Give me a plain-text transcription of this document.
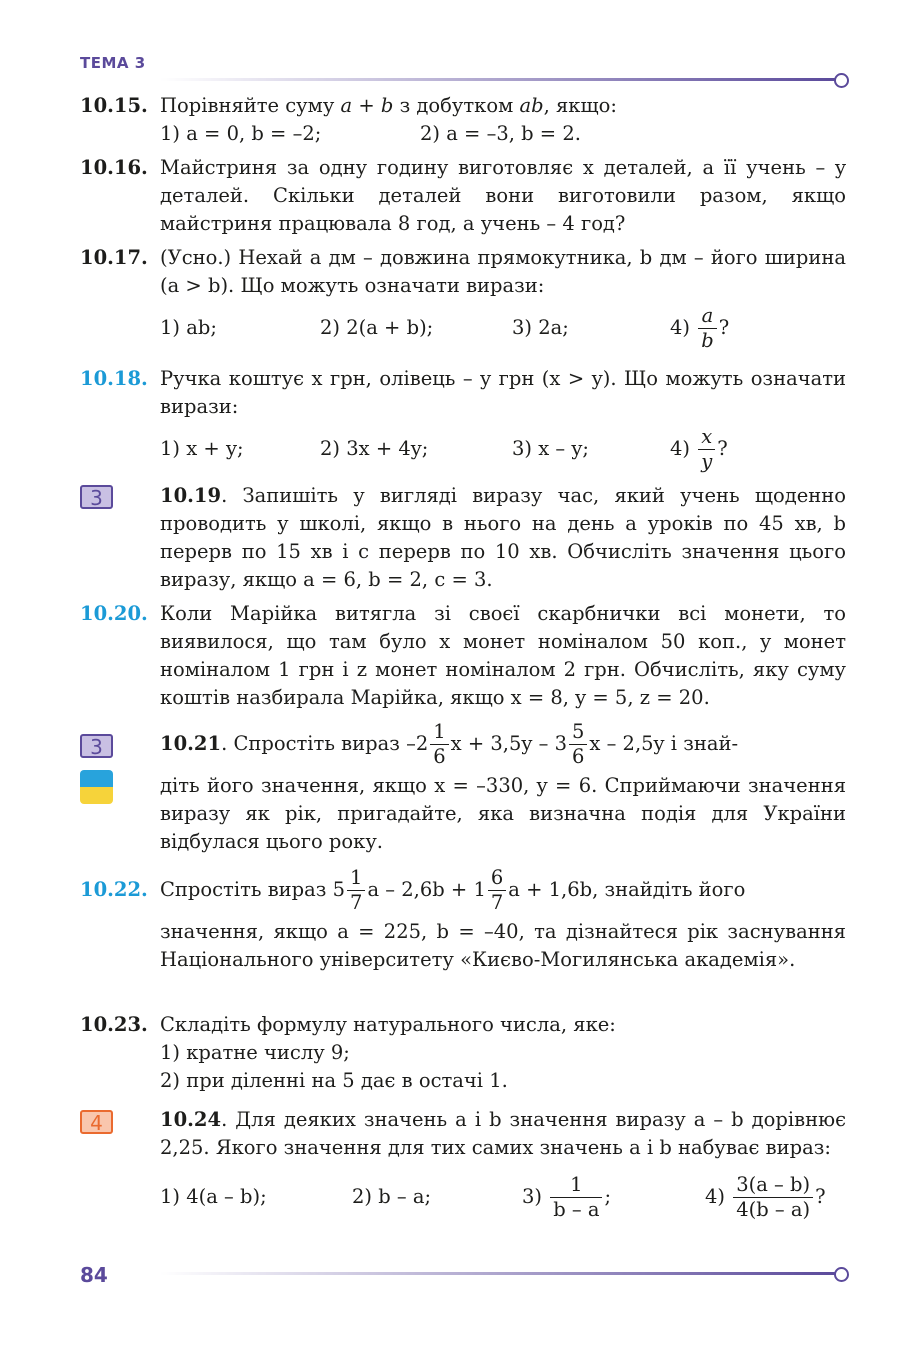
ТЕМА 3
10.15. Порівняйте суму a + b з добутком ab, якщо:

1) a = 0, b = –2;	2) a = –3, b = 2.

10.16. Майстриня за одну годину виготовляє x деталей, а її учень – y деталей. Скільки деталей вони виготовили разом, якщо майстриня працювала 8 год, а учень – 4 год?

10.17. (Усно.) Нехай a дм – довжина прямокутника, b дм – його ширина (a > b). Що можуть означати вирази:

1) ab;	2) 2(a + b);	3) 2a;	4)
$\frac{a}{b}$ ?
10.18. Ручка коштує x грн, олівець – y грн (x > y). Що можуть означати вирази:

1) x + y;	2) 3x + 4y;	3) x – y;	4)
$\frac{x}{y}$ ?
3	10.19. Запишіть у вигляді виразу час, який учень щоденно проводить у школі, якщо в нього на день a уроків по 45 хв, b перерв по 15 хв і c перерв по 10 хв. Обчисліть значення цього виразу, якщо a = 6, b = 2, c = 3.

10.20. Коли Марійка витягла зі своєї скарбнички всі монети, то виявилося, що там було x монет номіналом 50 коп., y монет номіналом 1 грн і z монет номіналом 2 грн. Обчисліть, яку суму коштів назбирала Марійка, якщо x = 8, y = 5, z = 20.

3	10.21 . Спростіть вираз $-2 \frac{1}{6}$ $x + 3,5y - 3 \frac{5}{6}$ x – 2,5y і знай-

діть його значення, якщо x = –330, y = 6. Сприймаючи значення виразу як рік, пригадайте, яка визначна подія для України відбулася цього року.

10.22. Спростіть вираз $5 \frac{1}{7}$ $a - 2,6b + 1 \frac{6}{7}$ a + 1,6b, знайдіть його

значення, якщо a = 225, b = –40, та дізнайтеся рік заснування Національного університету «Києво-Могилянська академія».

10.23. Складіть формулу натурального числа, яке:

1) кратне числу 9;

2) при діленні на 5 дає в остачі 1.

4	10.24. Для деяких значень a і b значення виразу a – b дорівнює 2,25. Якого значення для тих самих значень a і b набуває вираз:

1) 4(a – b);	2) b – a;	3)
$\frac{1}{b - a}$ ;	4)
$\frac{3(a - b)}{4(b - a)}$ ?
84
